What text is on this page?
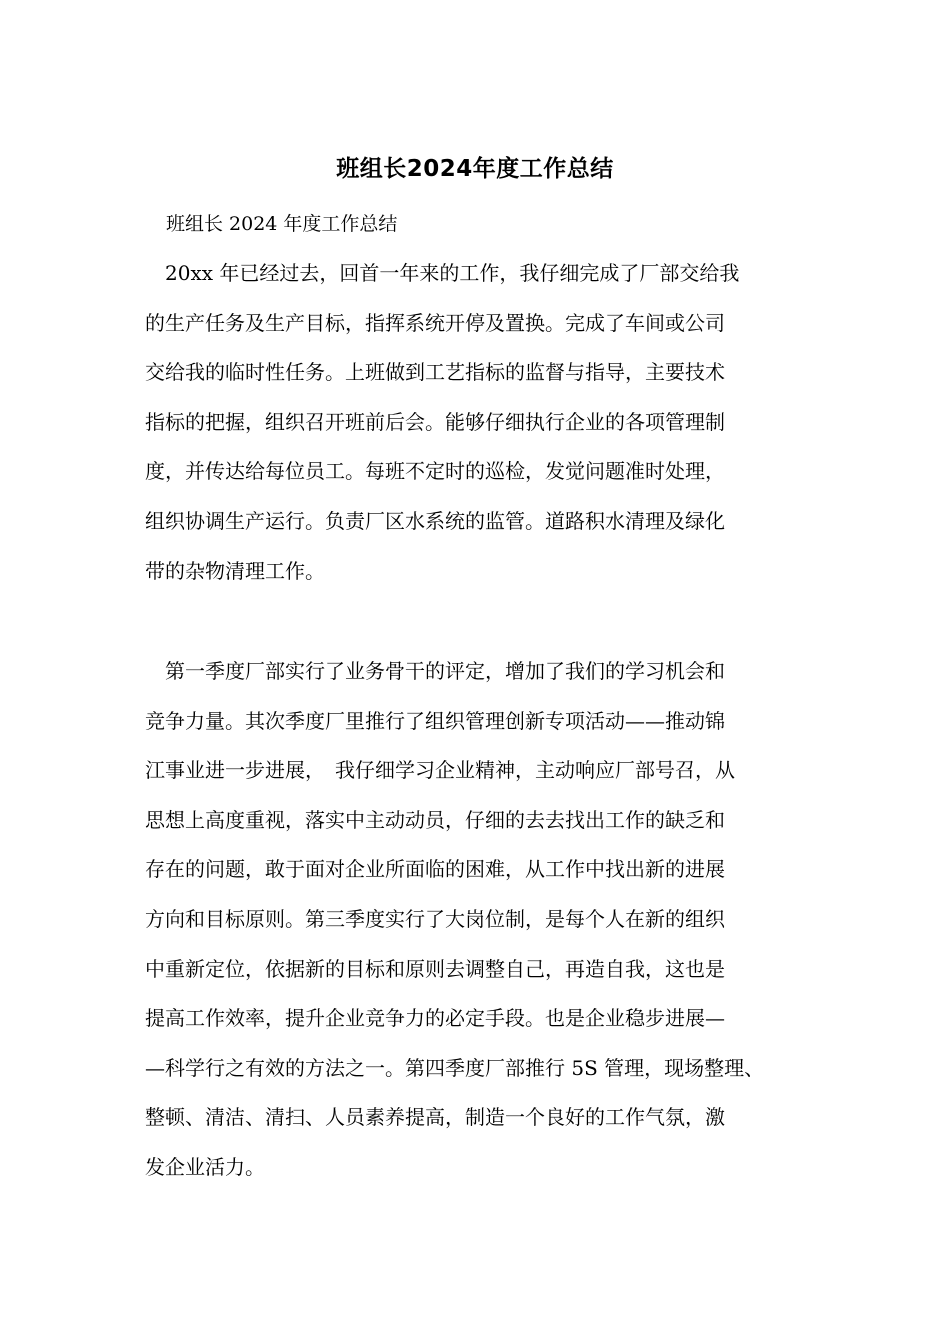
班组长2024年度工作总结
班组长 2024 年度工作总结
　20xx 年已经过去，回首一年来的工作，我仔细完成了厂部交给我
的生产任务及生产目标，指挥系统开停及置换。完成了车间或公司
交给我的临时性任务。上班做到工艺指标的监督与指导，主要技术
指标的把握，组织召开班前后会。能够仔细执行企业的各项管理制
度，并传达给每位员工。每班不定时的巡检，发觉问题准时处理，
组织协调生产运行。负责厂区水系统的监管。道路积水清理及绿化
带的杂物清理工作。
　第一季度厂部实行了业务骨干的评定，增加了我们的学习机会和
竞争力量。其次季度厂里推行了组织管理创新专项活动——推动锦
江事业进一步进展，　我仔细学习企业精神，主动响应厂部号召，从
思想上高度重视，落实中主动动员，仔细的去去找出工作的缺乏和
存在的问题，敢于面对企业所面临的困难，从工作中找出新的进展
方向和目标原则。第三季度实行了大岗位制，是每个人在新的组织
中重新定位，依据新的目标和原则去调整自己，再造自我，这也是
提高工作效率，提升企业竞争力的必定手段。也是企业稳步进展—
—科学行之有效的方法之一。第四季度厂部推行 5S 管理，现场整理、
整顿、清洁、清扫、人员素养提高，制造一个良好的工作气氛，激
发企业活力。
